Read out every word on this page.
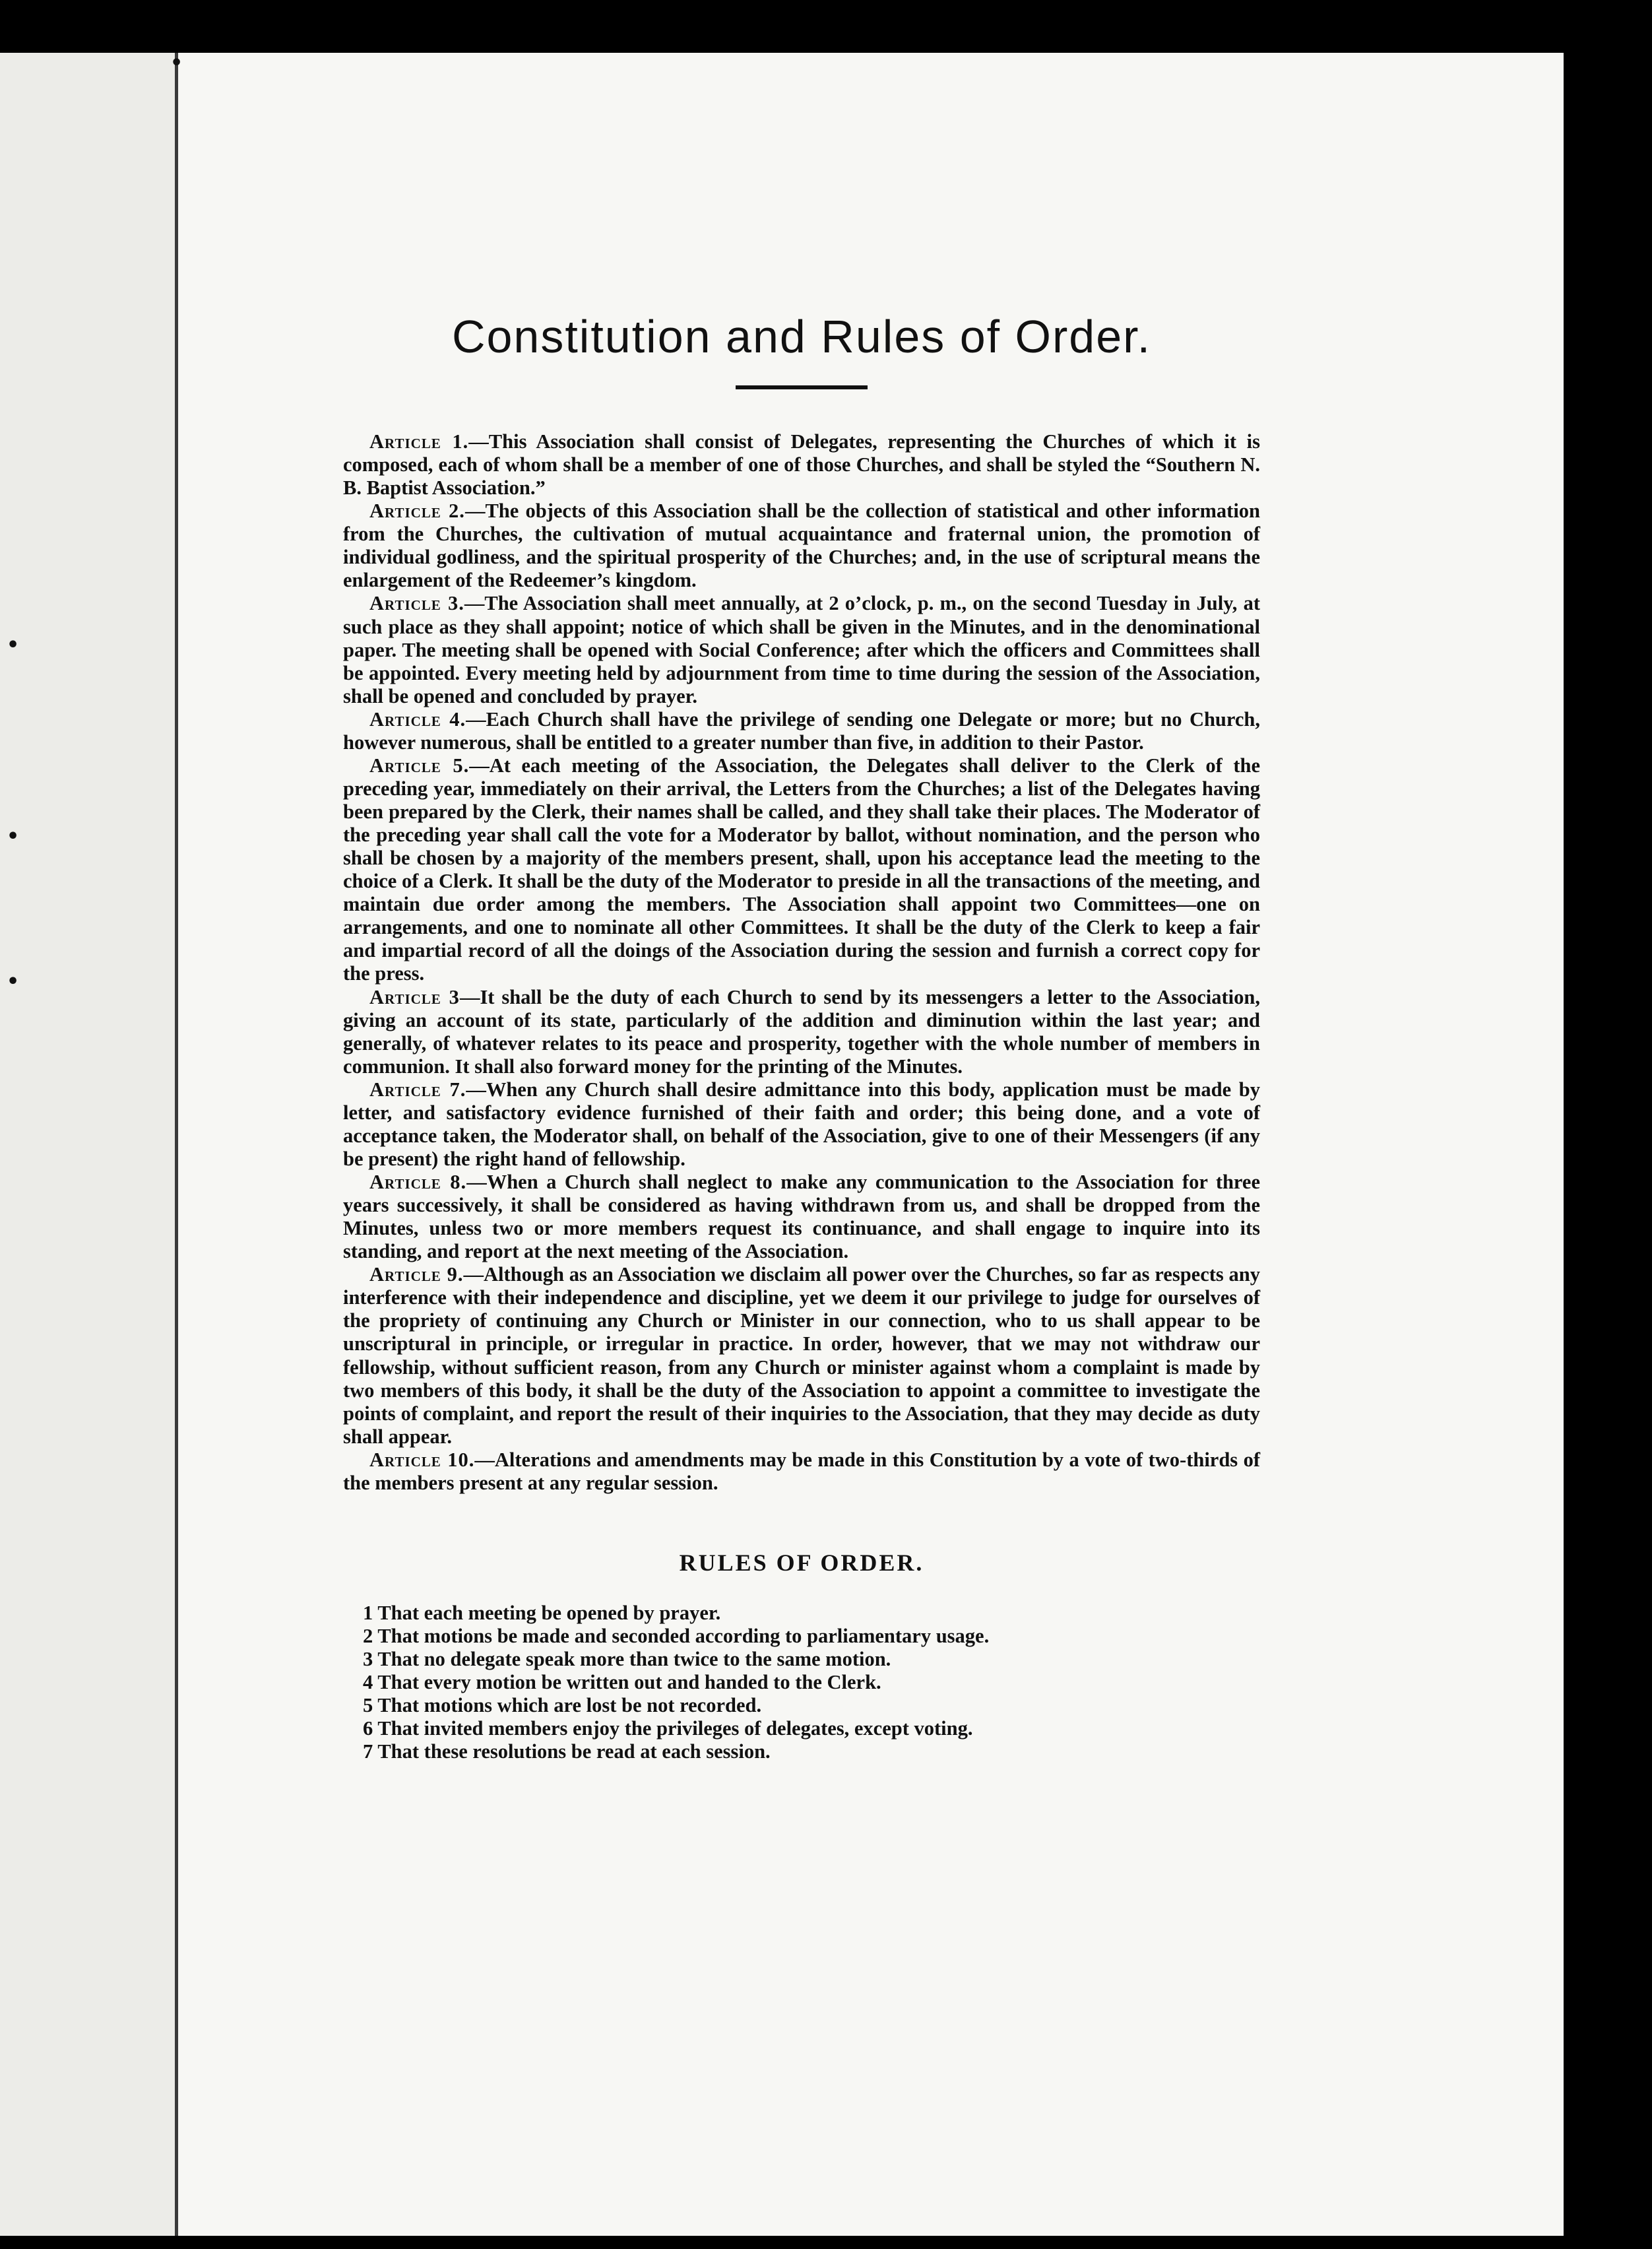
•
•
•
•
Constitution and Rules of Order.

Article 1.—This Association shall consist of Delegates, representing the Churches of which it is composed, each of whom shall be a member of one of those Churches, and shall be styled the “Southern N. B. Baptist Association.”

Article 2.—The objects of this Association shall be the collection of statistical and other information from the Churches, the cultivation of mutual acquaintance and fraternal union, the promotion of individual godliness, and the spiritual prosperity of the Churches; and, in the use of scriptural means the enlargement of the Redeemer’s kingdom.

Article 3.—The Association shall meet annually, at 2 o’clock, p. m., on the second Tuesday in July, at such place as they shall appoint; notice of which shall be given in the Minutes, and in the denominational paper. The meeting shall be opened with Social Conference; after which the officers and Committees shall be appointed. Every meeting held by adjournment from time to time during the session of the Association, shall be opened and concluded by prayer.

Article 4.—Each Church shall have the privilege of sending one Delegate or more; but no Church, however numerous, shall be entitled to a greater number than five, in addition to their Pastor.

Article 5.—At each meeting of the Association, the Delegates shall deliver to the Clerk of the preceding year, immediately on their arrival, the Letters from the Churches; a list of the Delegates having been prepared by the Clerk, their names shall be called, and they shall take their places. The Moderator of the preceding year shall call the vote for a Moderator by ballot, without nomination, and the person who shall be chosen by a majority of the members present, shall, upon his acceptance lead the meeting to the choice of a Clerk. It shall be the duty of the Moderator to preside in all the transactions of the meeting, and maintain due order among the members. The Association shall appoint two Committees—one on arrangements, and one to nominate all other Committees. It shall be the duty of the Clerk to keep a fair and impartial record of all the doings of the Association during the session and furnish a correct copy for the press.

Article 3—It shall be the duty of each Church to send by its messengers a letter to the Association, giving an account of its state, particularly of the addition and diminution within the last year; and generally, of whatever relates to its peace and prosperity, together with the whole number of members in communion. It shall also forward money for the printing of the Minutes.

Article 7.—When any Church shall desire admittance into this body, application must be made by letter, and satisfactory evidence furnished of their faith and order; this being done, and a vote of acceptance taken, the Moderator shall, on behalf of the Association, give to one of their Messengers (if any be present) the right hand of fellowship.

Article 8.—When a Church shall neglect to make any communication to the Association for three years successively, it shall be considered as having withdrawn from us, and shall be dropped from the Minutes, unless two or more members request its continuance, and shall engage to inquire into its standing, and report at the next meeting of the Association.

Article 9.—Although as an Association we disclaim all power over the Churches, so far as respects any interference with their independence and discipline, yet we deem it our privilege to judge for ourselves of the propriety of continuing any Church or Minister in our connection, who to us shall appear to be unscriptural in principle, or irregular in practice. In order, however, that we may not withdraw our fellowship, without sufficient reason, from any Church or minister against whom a complaint is made by two members of this body, it shall be the duty of the Association to appoint a committee to investigate the points of complaint, and report the result of their inquiries to the Association, that they may decide as duty shall appear.

Article 10.—Alterations and amendments may be made in this Constitution by a vote of two-thirds of the members present at any regular session.

RULES OF ORDER.
1 That each meeting be opened by prayer.
2 That motions be made and seconded according to parliamentary usage.
3 That no delegate speak more than twice to the same motion.
4 That every motion be written out and handed to the Clerk.
5 That motions which are lost be not recorded.
6 That invited members enjoy the privileges of delegates, except voting.
7 That these resolutions be read at each session.
